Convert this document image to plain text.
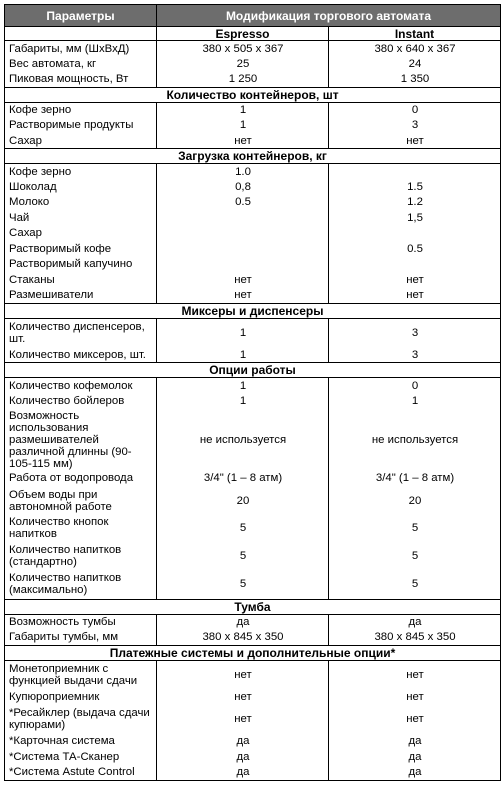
Параметры	Модификация торгового автомата	
	Espresso	Instant
Габариты, мм (ШхВхД)	380 x 505 x 367	380 x 640 x 367
Вес автомата, кг	25	24
Пиковая мощность, Вт	1 250	1 350
Количество контейнеров, шт		
Кофе зерно	1	0
Растворимые продукты	1	3
Сахар	нет	нет
Загрузка контейнеров, кг		
Кофе зерно	1.0	
Шоколад	0,8	1.5
Молоко	0.5	1.2
Чай		1,5
Сахар		
Растворимый кофе		0.5
Растворимый капучино		
Стаканы	нет	нет
Размешиватели	нет	нет
Миксеры и диспенсеры		
Количество диспенсеров, шт.	1	3
Количество миксеров, шт.	1	3
Опции работы		
Количество кофемолок	1	0
Количество бойлеров	1	1
Возможность использования размешивателей различной длинны (90-105-115 мм)	не используется	не используется
Работа от водопровода	3/4" (1 – 8 атм)	3/4" (1 – 8 атм)
Объем воды при автономной работе	20	20
Количество кнопок напитков	5	5
Количество напитков (стандартно)	5	5
Количество напитков (максимально)	5	5
Тумба		
Возможность тумбы	да	да
Габариты тумбы, мм	380 x 845 x 350	380 x 845 x 350
Платежные системы и дополнительные опции*		
Монетоприемник с функцией выдачи сдачи	нет	нет
Купюроприемник	нет	нет
*Ресайклер (выдача сдачи купюрами)	нет	нет
*Карточная система	да	да
*Система ТА-Сканер	да	да
*Система Astute Control	да	да
